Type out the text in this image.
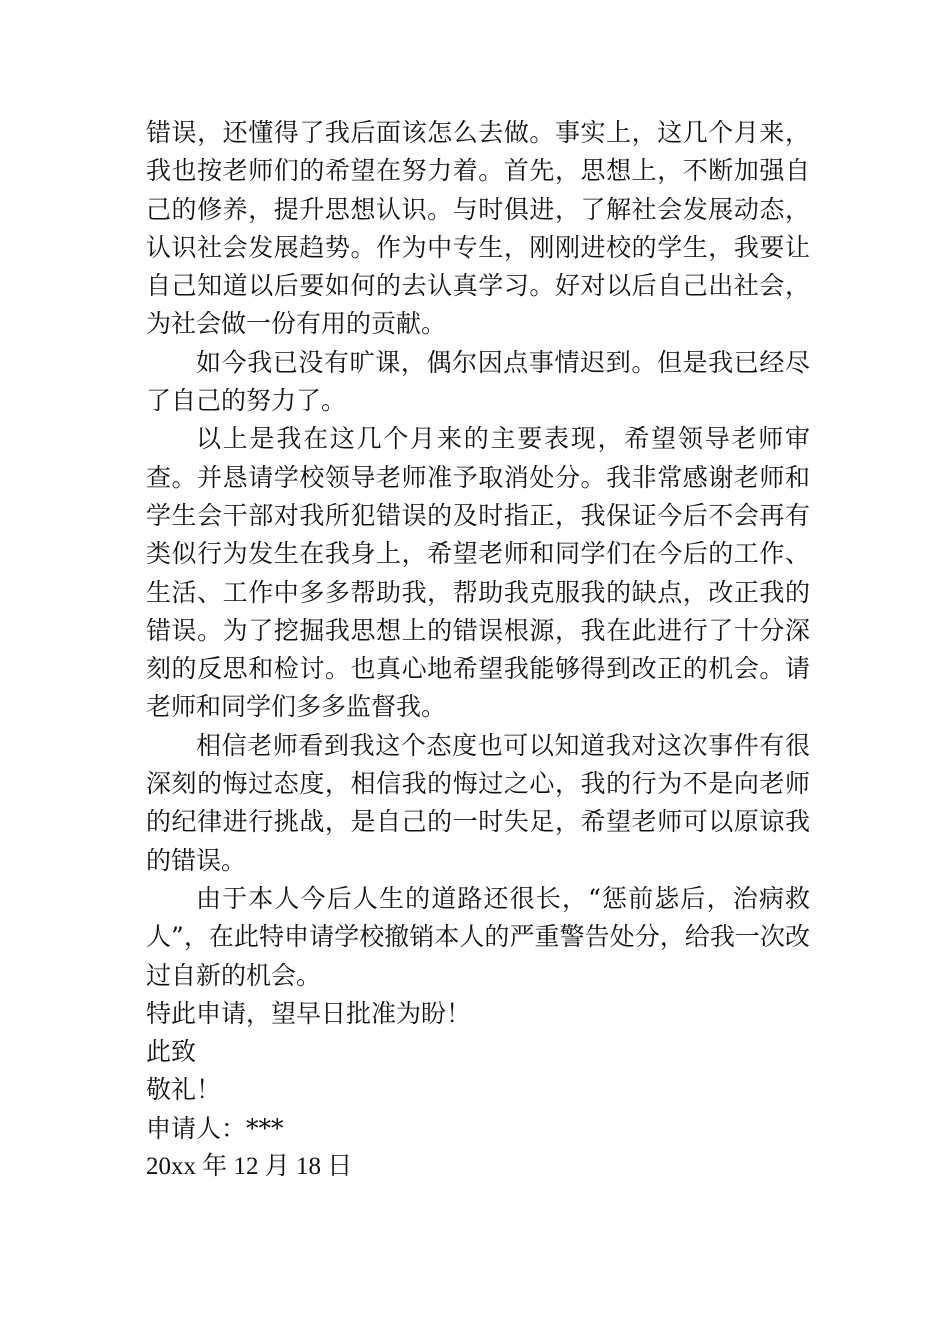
错误，还懂得了我后面该怎么去做。事实上，这几个月来，我也按老师们的希望在努力着。首先，思想上，不断加强自己的修养，提升思想认识。与时俱进，了解社会发展动态，认识社会发展趋势。作为中专生，刚刚进校的学生，我要让自己知道以后要如何的去认真学习。好对以后自己出社会，为社会做一份有用的贡献。

如今我已没有旷课，偶尔因点事情迟到。但是我已经尽了自己的努力了。

以上是我在这几个月来的主要表现，希望领导老师审查。并恳请学校领导老师准予取消处分。我非常感谢老师和学生会干部对我所犯错误的及时指正，我保证今后不会再有类似行为发生在我身上，希望老师和同学们在今后的工作、生活、工作中多多帮助我，帮助我克服我的缺点，改正我的错误。为了挖掘我思想上的错误根源，我在此进行了十分深刻的反思和检讨。也真心地希望我能够得到改正的机会。请老师和同学们多多监督我。

相信老师看到我这个态度也可以知道我对这次事件有很深刻的悔过态度，相信我的悔过之心，我的行为不是向老师的纪律进行挑战，是自己的一时失足，希望老师可以原谅我的错误。

由于本人今后人生的道路还很长，“惩前毖后，治病救人”，在此特申请学校撤销本人的严重警告处分，给我一次改过自新的机会。

特此申请，望早日批准为盼！

此致

敬礼！

申请人：***

20xx 年 12 月 18 日
